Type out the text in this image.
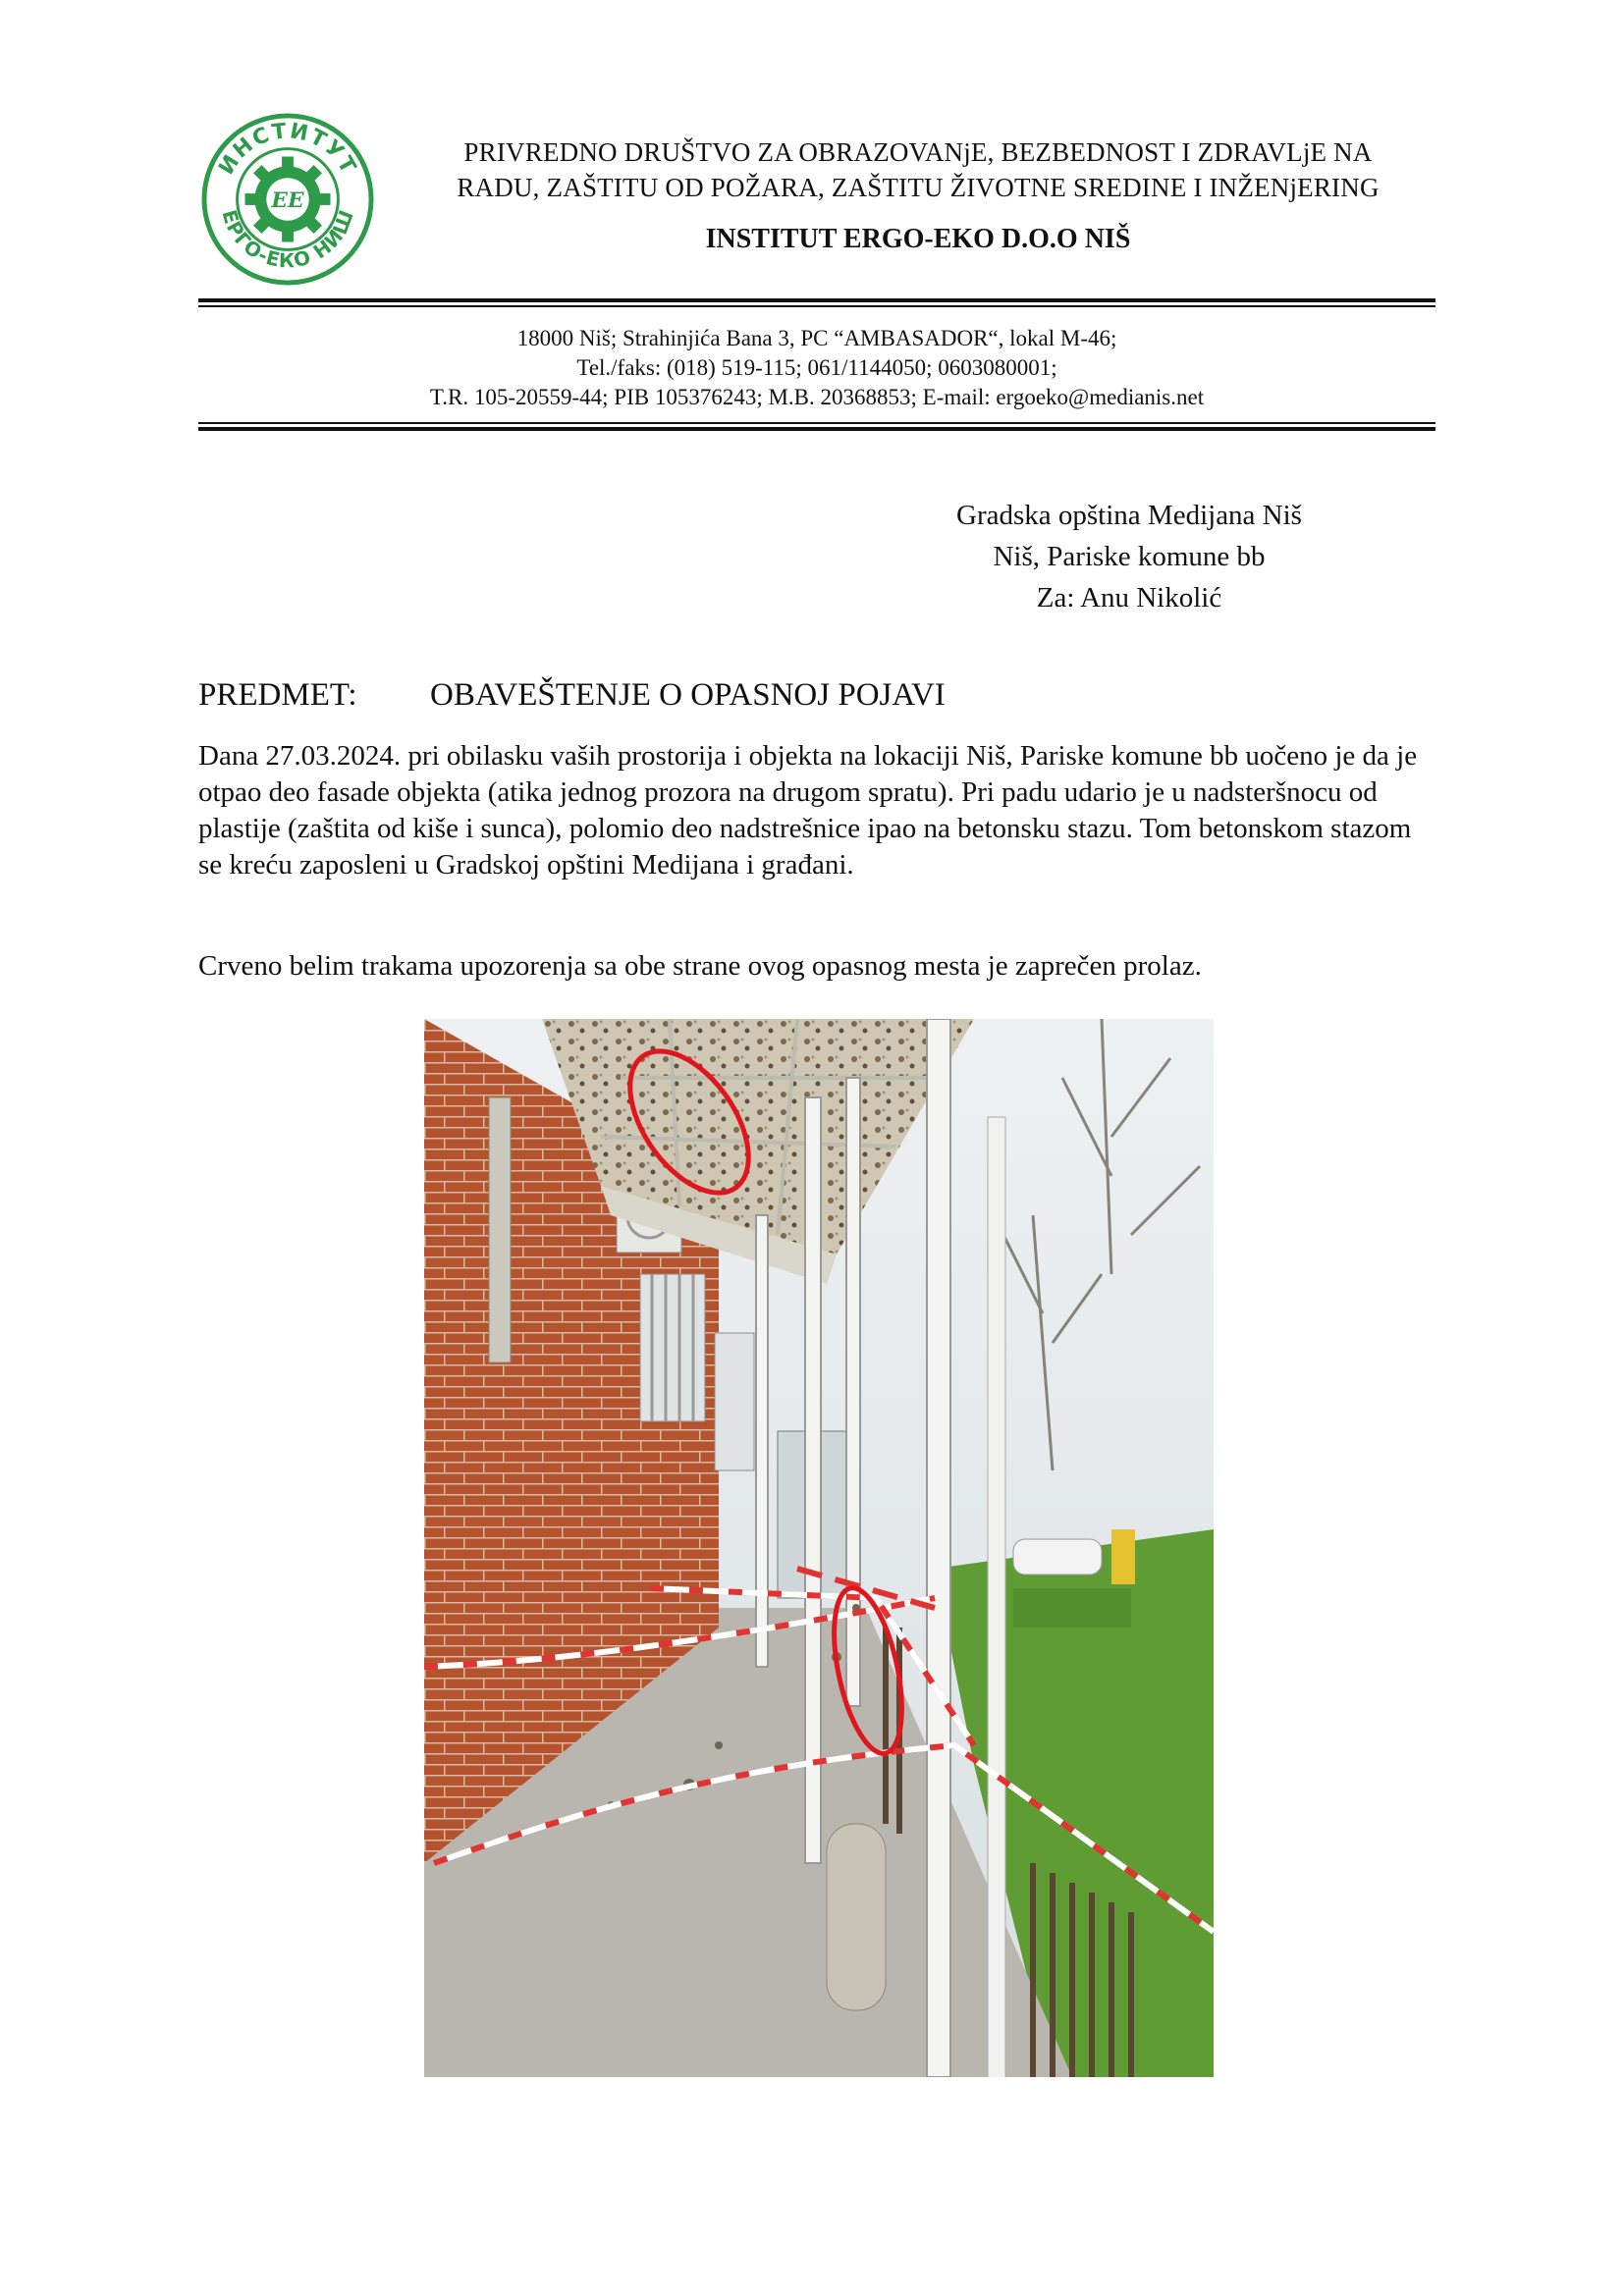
ИНСТИТУТ
ЕРГО-ЕКО НИШ
EE
PRIVREDNO DRUŠTVO ZA OBRAZOVANjE, BEZBEDNOST I ZDRAVLjE NA
RADU, ZAŠTITU OD POŽARA, ZAŠTITU ŽIVOTNE SREDINE I INŽENjERING
INSTITUT ERGO-EKO D.O.O NIŠ
18000 Niš; Strahinjića Bana 3, PC “AMBASADOR“, lokal M-46;
Tel./faks: (018) 519-115; 061/1144050; 0603080001;
T.R. 105-20559-44; PIB 105376243; M.B. 20368853; E-mail: ergoeko@medianis.net
Gradska opština Medijana Niš
Niš, Pariske komune bb
Za: Anu Nikolić
PREDMET: OBAVEŠTENJE O OPASNOJ POJAVI
Dana 27.03.2024. pri obilasku vaših prostorija i objekta na lokaciji Niš, Pariske komune bb uočeno je da je otpao deo fasade objekta (atika jednog prozora na drugom spratu). Pri padu udario je u nadsteršnocu od plastije (zaštita od kiše i sunca), polomio deo nadstrešnice ipao na betonsku stazu. Tom betonskom stazom se kreću zaposleni u Gradskoj opštini Medijana i građani.
Crveno belim trakama upozorenja sa obe strane ovog opasnog mesta je zaprečen prolaz.
